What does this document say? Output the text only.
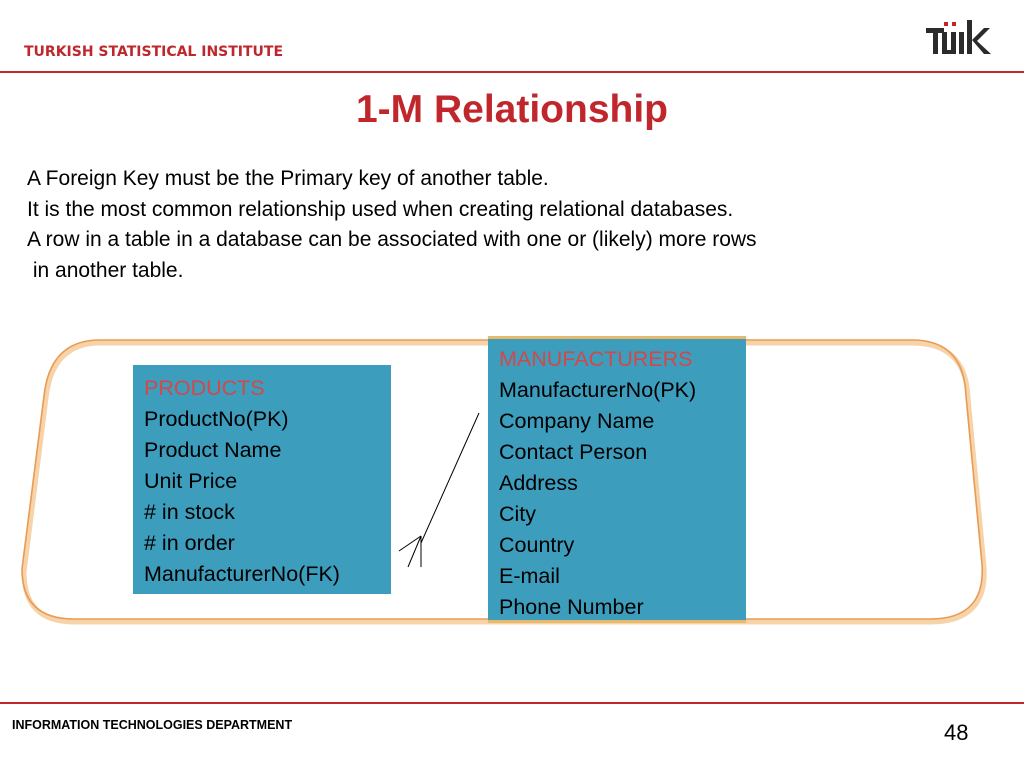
TURKISH STATISTICAL INSTITUTE
1-M Relationship
A Foreign Key must be the Primary key of another table.
It is the most common relationship used when creating relational databases.
A row in a table in a database can be associated with one or (likely) more rows
in another table.
PRODUCTS
ProductNo(PK)
Product Name
Unit Price
# in stock
# in order
ManufacturerNo(FK)
MANUFACTURERS
ManufacturerNo(PK)
Company Name
Contact Person
Address
City
Country
E-mail
Phone Number
INFORMATION TECHNOLOGIES DEPARTMENT	48
